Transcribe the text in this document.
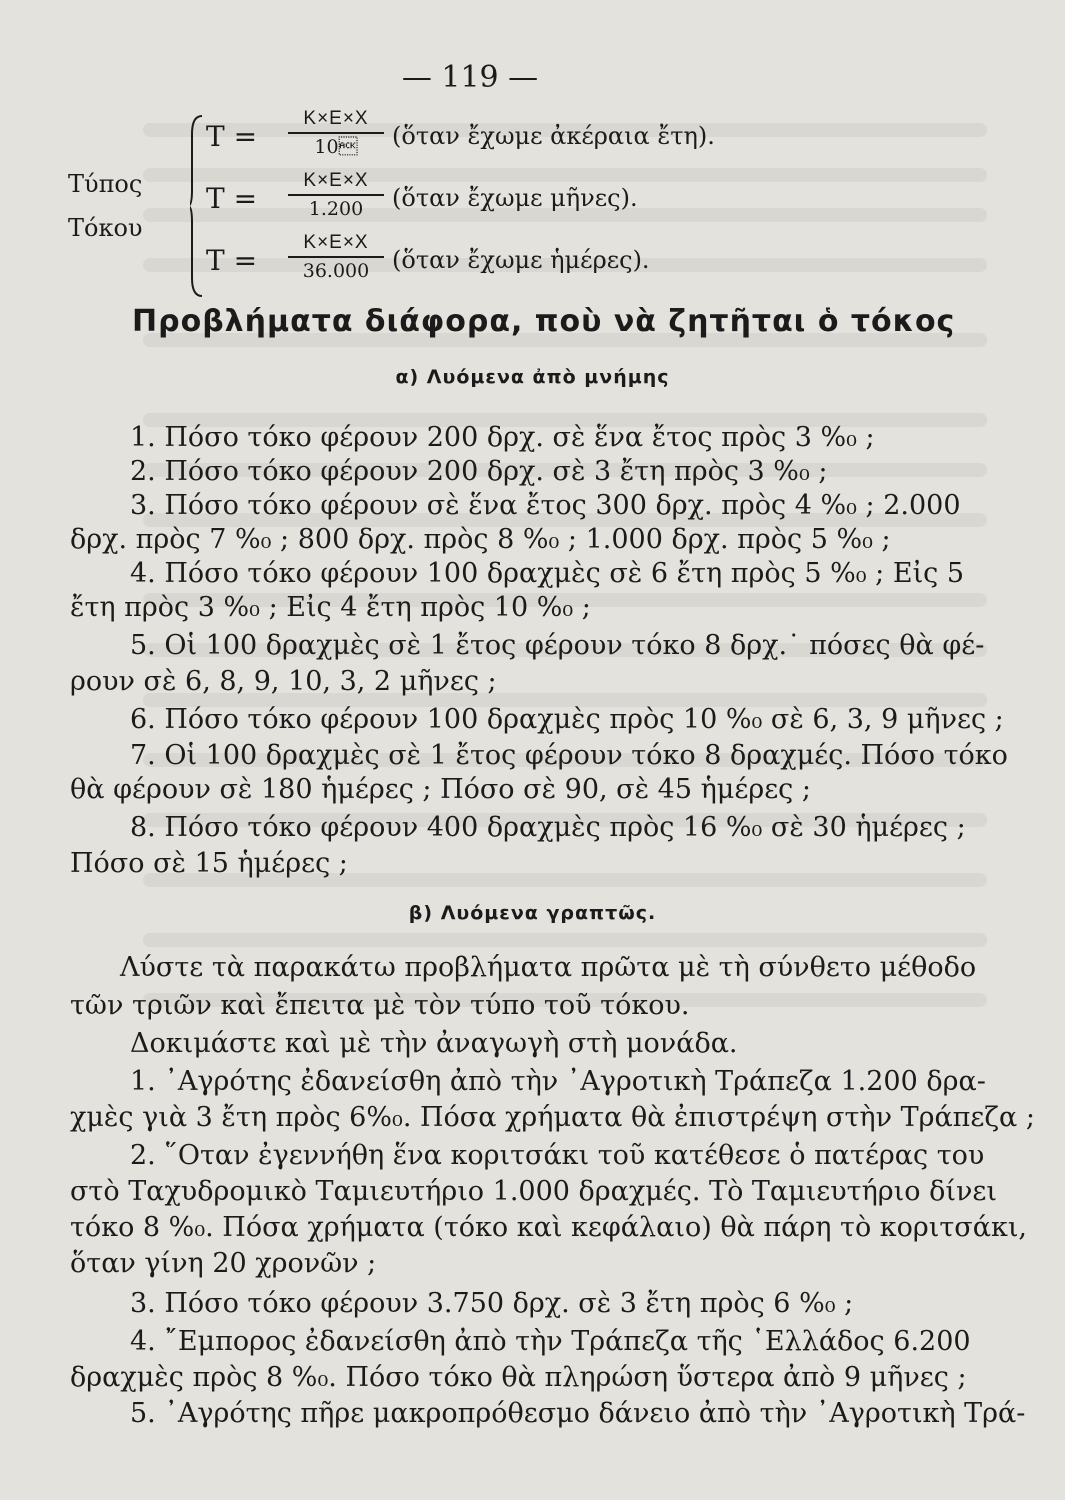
— 119 —
Τύπος
Τόκου
T =
K×E×X
10	(ὅταν ἔχωμε ἀκέραια ἔτη).
T =
K×E×X
1.200	(ὅταν ἔχωμε μῆνες).
T =
K×E×X
36.000 (ὅταν ἔχωμε ἡμέρες).
Προβλήματα διάφορα, ποὺ νὰ ζητῆται ὁ τόκος
α) Λυόμενα ἀπὸ μνήμης
1. Πόσο τόκο φέρουν 200 δρχ. σὲ ἕνα ἔτος πρὸς 3 %₀ ;
2. Πόσο τόκο φέρουν 200 δρχ. σὲ 3 ἔτη πρὸς 3 %₀ ;
3. Πόσο τόκο φέρουν σὲ ἕνα ἔτος 300 δρχ. πρὸς 4 %₀ ; 2.000
δρχ. πρὸς 7 %₀ ; 800 δρχ. πρὸς 8 %₀ ; 1.000 δρχ. πρὸς 5 %₀ ;
4. Πόσο τόκο φέρουν 100 δραχμὲς σὲ 6 ἔτη πρὸς 5 %₀ ; Εἰς 5
ἔτη πρὸς 3 %₀ ; Εἰς 4 ἔτη πρὸς 10 %₀ ;
5. Οἱ 100 δραχμὲς σὲ 1 ἔτος φέρουν τόκο 8 δρχ.˙ πόσες θὰ φέ-
ρουν σὲ 6, 8, 9, 10, 3, 2 μῆνες ;
6. Πόσο τόκο φέρουν 100 δραχμὲς πρὸς 10 %₀ σὲ 6, 3, 9 μῆνες ;
7. Οἱ 100 δραχμὲς σὲ 1 ἔτος φέρουν τόκο 8 δραχμές. Πόσο τόκο
θὰ φέρουν σὲ 180 ἡμέρες ; Πόσο σὲ 90, σὲ 45 ἡμέρες ;
8. Πόσο τόκο φέρουν 400 δραχμὲς πρὸς 16 %₀ σὲ 30 ἡμέρες ;
Πόσο σὲ 15 ἡμέρες ;
β) Λυόμενα γραπτῶς.
Λύστε τὰ παρακάτω προβλήματα πρῶτα μὲ τὴ σύνθετο μέθοδο
τῶν τριῶν καὶ ἔπειτα μὲ τὸν τύπο τοῦ τόκου.
Δοκιμάστε καὶ μὲ τὴν ἀναγωγὴ στὴ μονάδα.
1. ᾿Αγρότης ἐδανείσθη ἀπὸ τὴν ᾿Αγροτικὴ Τράπεζα 1.200 δρα-
χμὲς γιὰ 3 ἔτη πρὸς 6%₀. Πόσα χρήματα θὰ ἐπιστρέψη στὴν Τράπεζα ;
2. ῞Οταν ἐγεννήθη ἕνα κοριτσάκι τοῦ κατέθεσε ὁ πατέρας του
στὸ Ταχυδρομικὸ Ταμιευτήριο 1.000 δραχμές. Τὸ Ταμιευτήριο δίνει
τόκο 8 %₀. Πόσα χρήματα (τόκο καὶ κεφάλαιο) θὰ πάρη τὸ κοριτσάκι,
ὅταν γίνη 20 χρονῶν ;
3. Πόσο τόκο φέρουν 3.750 δρχ. σὲ 3 ἔτη πρὸς 6 %₀ ;
4. ῎Εμπορος ἐδανείσθη ἀπὸ τὴν Τράπεζα τῆς ῾Ελλάδος 6.200
δραχμὲς πρὸς 8 %₀. Πόσο τόκο θὰ πληρώση ὕστερα ἀπὸ 9 μῆνες ;
5. ᾿Αγρότης πῆρε μακροπρόθεσμο δάνειο ἀπὸ τὴν ᾿Αγροτικὴ Τρά-
